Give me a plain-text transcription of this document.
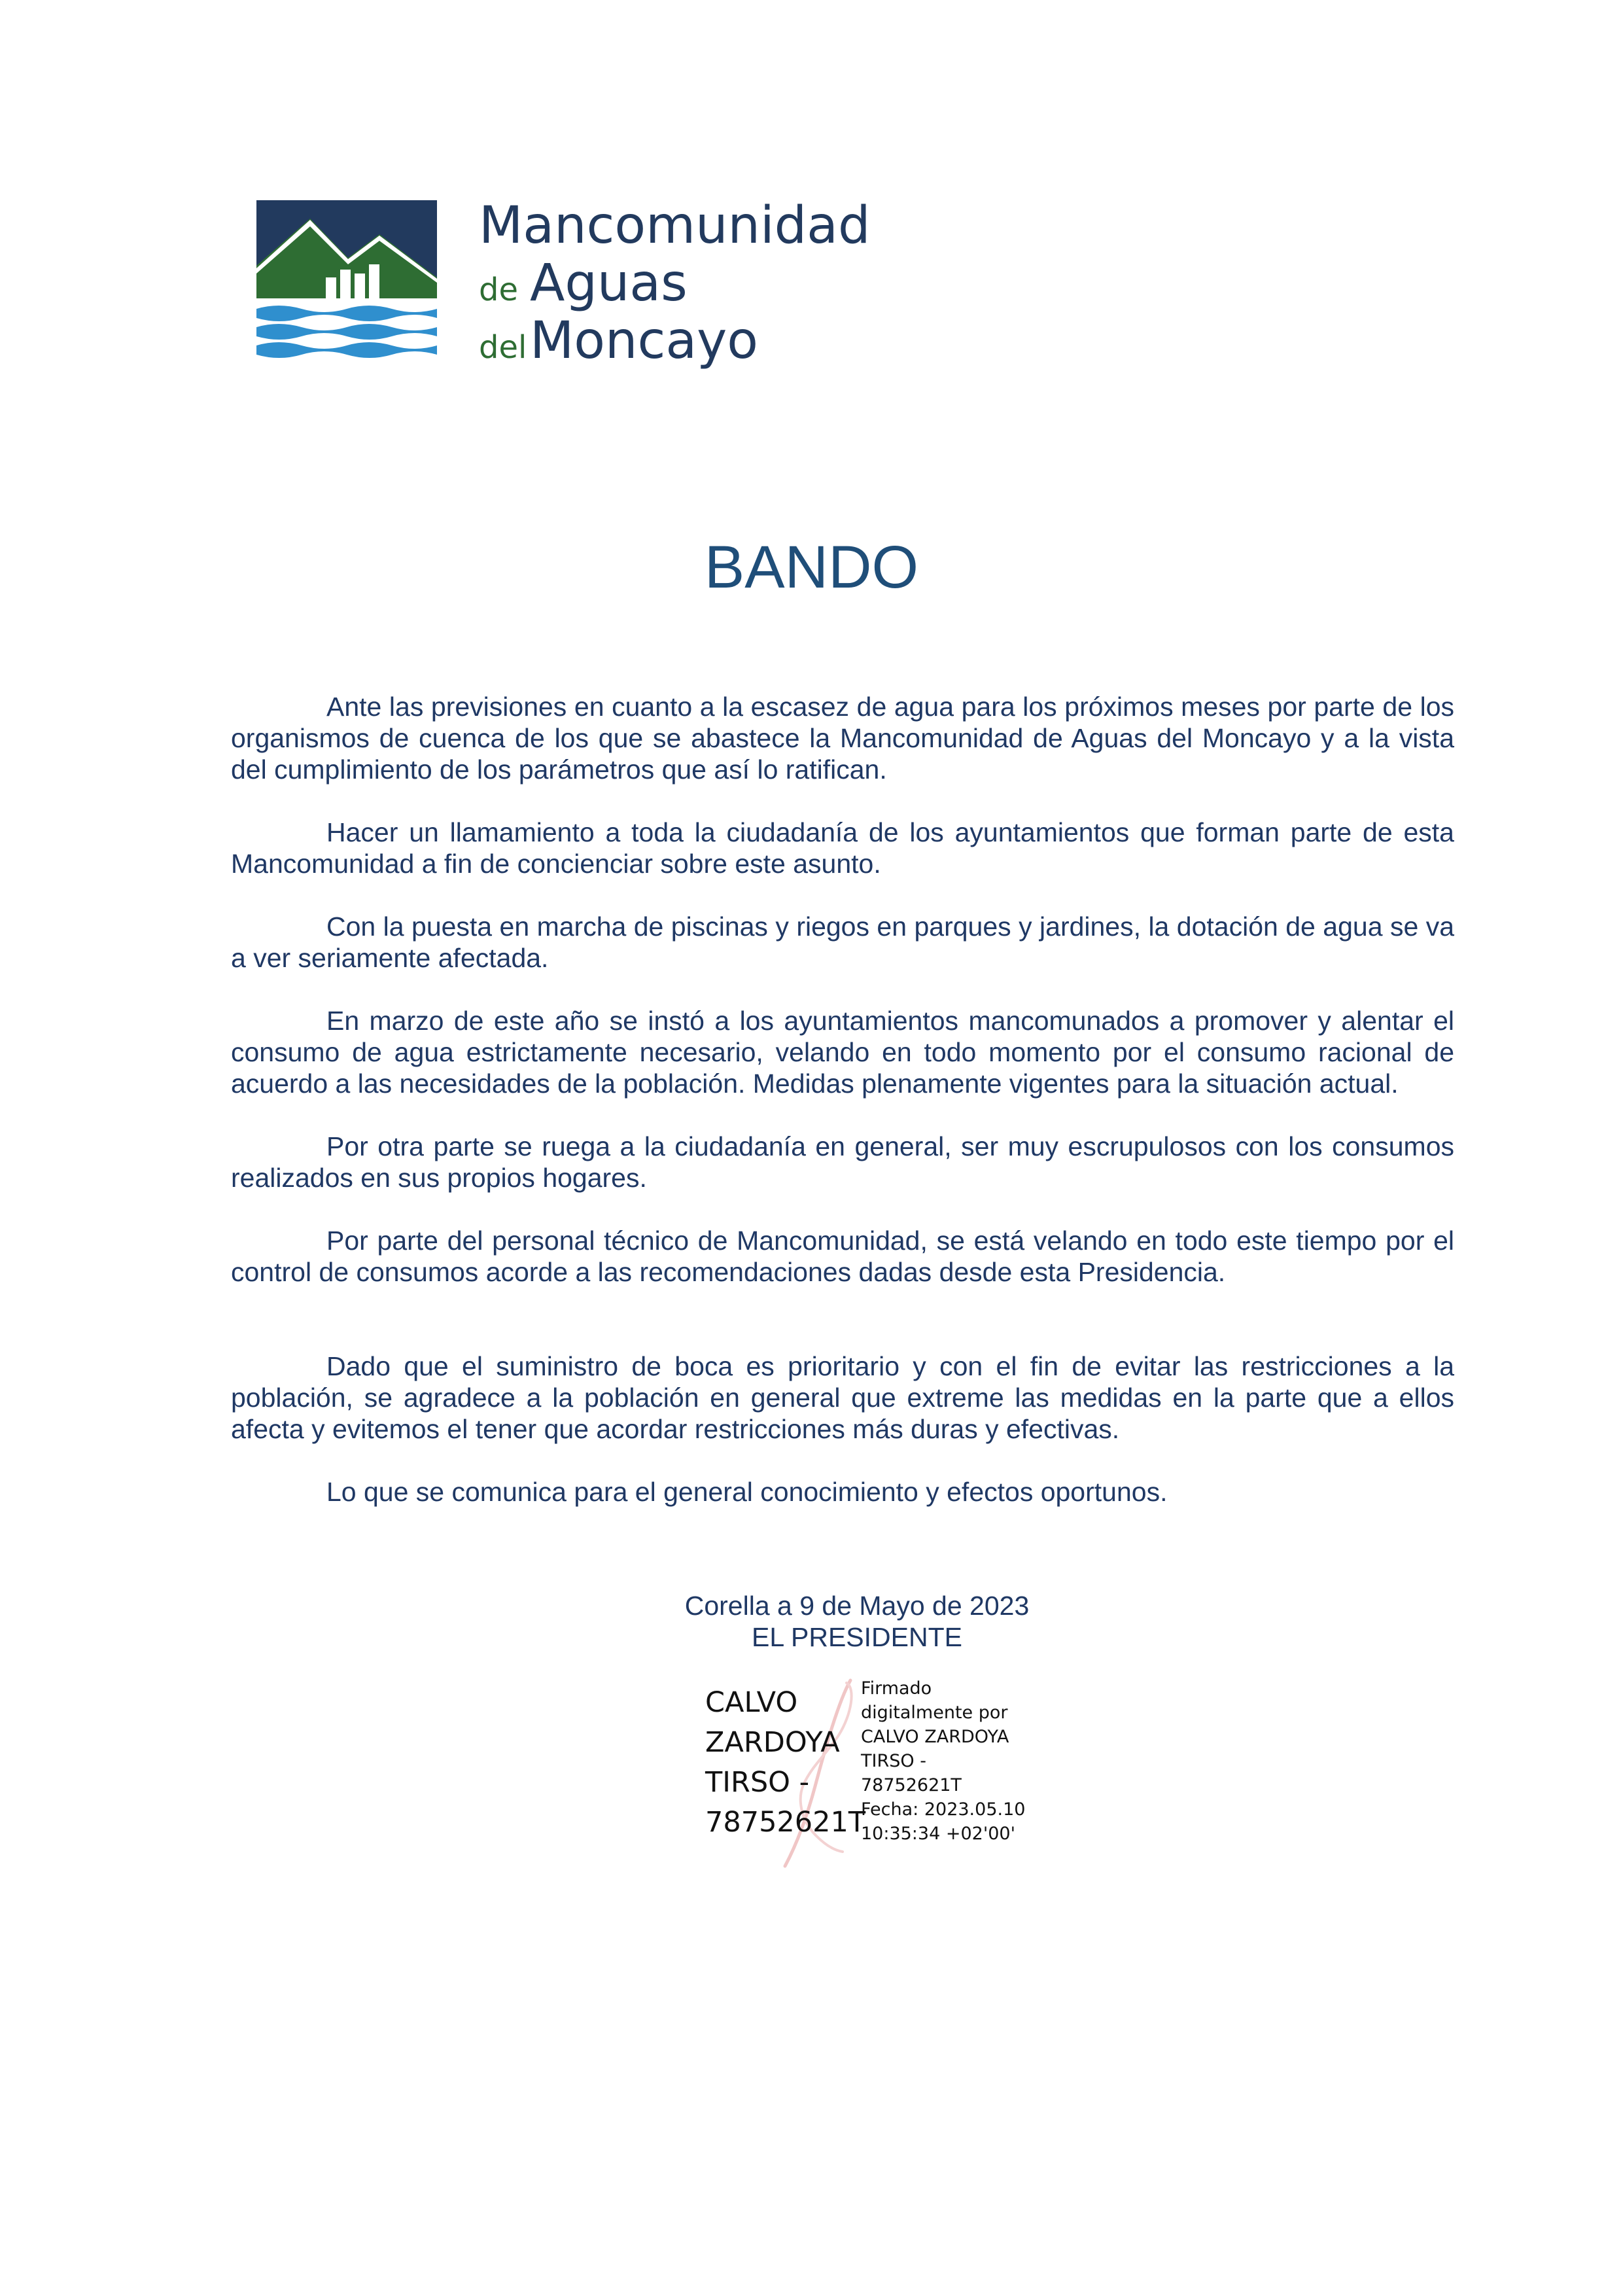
Mancomunidad
de Aguas
delMoncayo
BANDO

Ante las previsiones en cuanto a la escasez de agua para los próximos meses por parte de los organismos de cuenca de los que se abastece la Mancomunidad de Aguas del Moncayo y a la vista del cumplimiento de los parámetros que así lo ratifican.

Hacer un llamamiento a toda la ciudadanía de los ayuntamientos que forman parte de esta Mancomunidad a fin de concienciar sobre este asunto.

Con la puesta en marcha de piscinas y riegos en parques y jardines, la dotación de agua se va a ver seriamente afectada.

En marzo de este año se instó a los ayuntamientos mancomunados a promover y alentar el consumo de agua estrictamente necesario, velando en todo momento por el consumo racional de acuerdo a las necesidades de la población. Medidas plenamente vigentes para la situación actual.

Por otra parte se ruega a la ciudadanía en general, ser muy escrupulosos con los consumos realizados en sus propios hogares.

Por parte del personal técnico de Mancomunidad, se está velando en todo este tiempo por el control de consumos acorde a las recomendaciones dadas desde esta Presidencia.

Dado que el suministro de boca es prioritario y con el fin de evitar las restricciones a la población, se agradece a la población en general que extreme las medidas en la parte que a ellos afecta y evitemos el tener que acordar restricciones más duras y efectivas.

Lo que se comunica para el general conocimiento y efectos oportunos.

Corella a 9 de Mayo de 2023
EL PRESIDENTE
CALVO
ZARDOYA
TIRSO -
78752621T
Firmado
digitalmente por
CALVO ZARDOYA
TIRSO -
78752621T
Fecha: 2023.05.10
10:35:34 +02'00'
